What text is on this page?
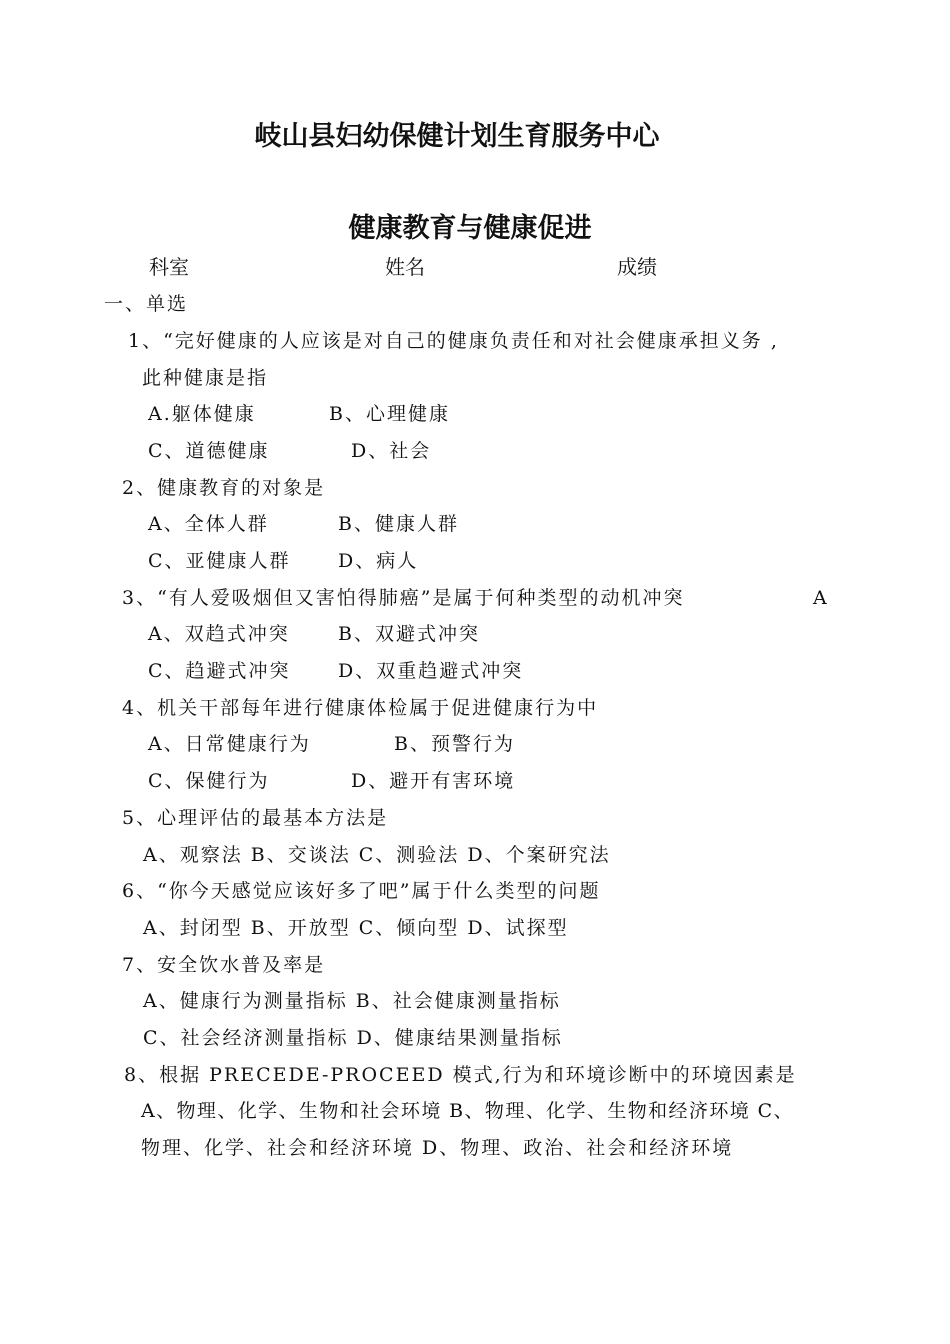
岐山县妇幼保健计划生育服务中心
健康教育与健康促进
科室	姓名	成绩
一、单选
1、“完好健康的人应该是对自己的健康负责任和对社会健康承担义务 ,
此种健康是指
A.躯体健康	B、心理健康
C、道德健康	D、社会
2、健康教育的对象是
A、全体人群	B、健康人群
C、亚健康人群 D、病人
3、“有人爱吸烟但又害怕得肺癌”是属于何种类型的动机冲突	A
A、双趋式冲突	B、双避式冲突
C、趋避式冲突 D、双重趋避式冲突
4、机关干部每年进行健康体检属于促进健康行为中
A、日常健康行为	B、预警行为
C、保健行为	D、避开有害环境
5、心理评估的最基本方法是
A、观察法 B、交谈法 C、测验法 D、个案研究法
6、“你今天感觉应该好多了吧”属于什么类型的问题
A、封闭型 B、开放型 C、倾向型 D、试探型
7、安全饮水普及率是
A、健康行为测量指标 B、社会健康测量指标
C、社会经济测量指标 D、健康结果测量指标
8、根据 PRECEDE-PROCEED 模式,行为和环境诊断中的环境因素是
A、物理、化学、生物和社会环境 B、物理、化学、生物和经济环境 C、
物理、化学、社会和经济环境 D、物理、政治、社会和经济环境
